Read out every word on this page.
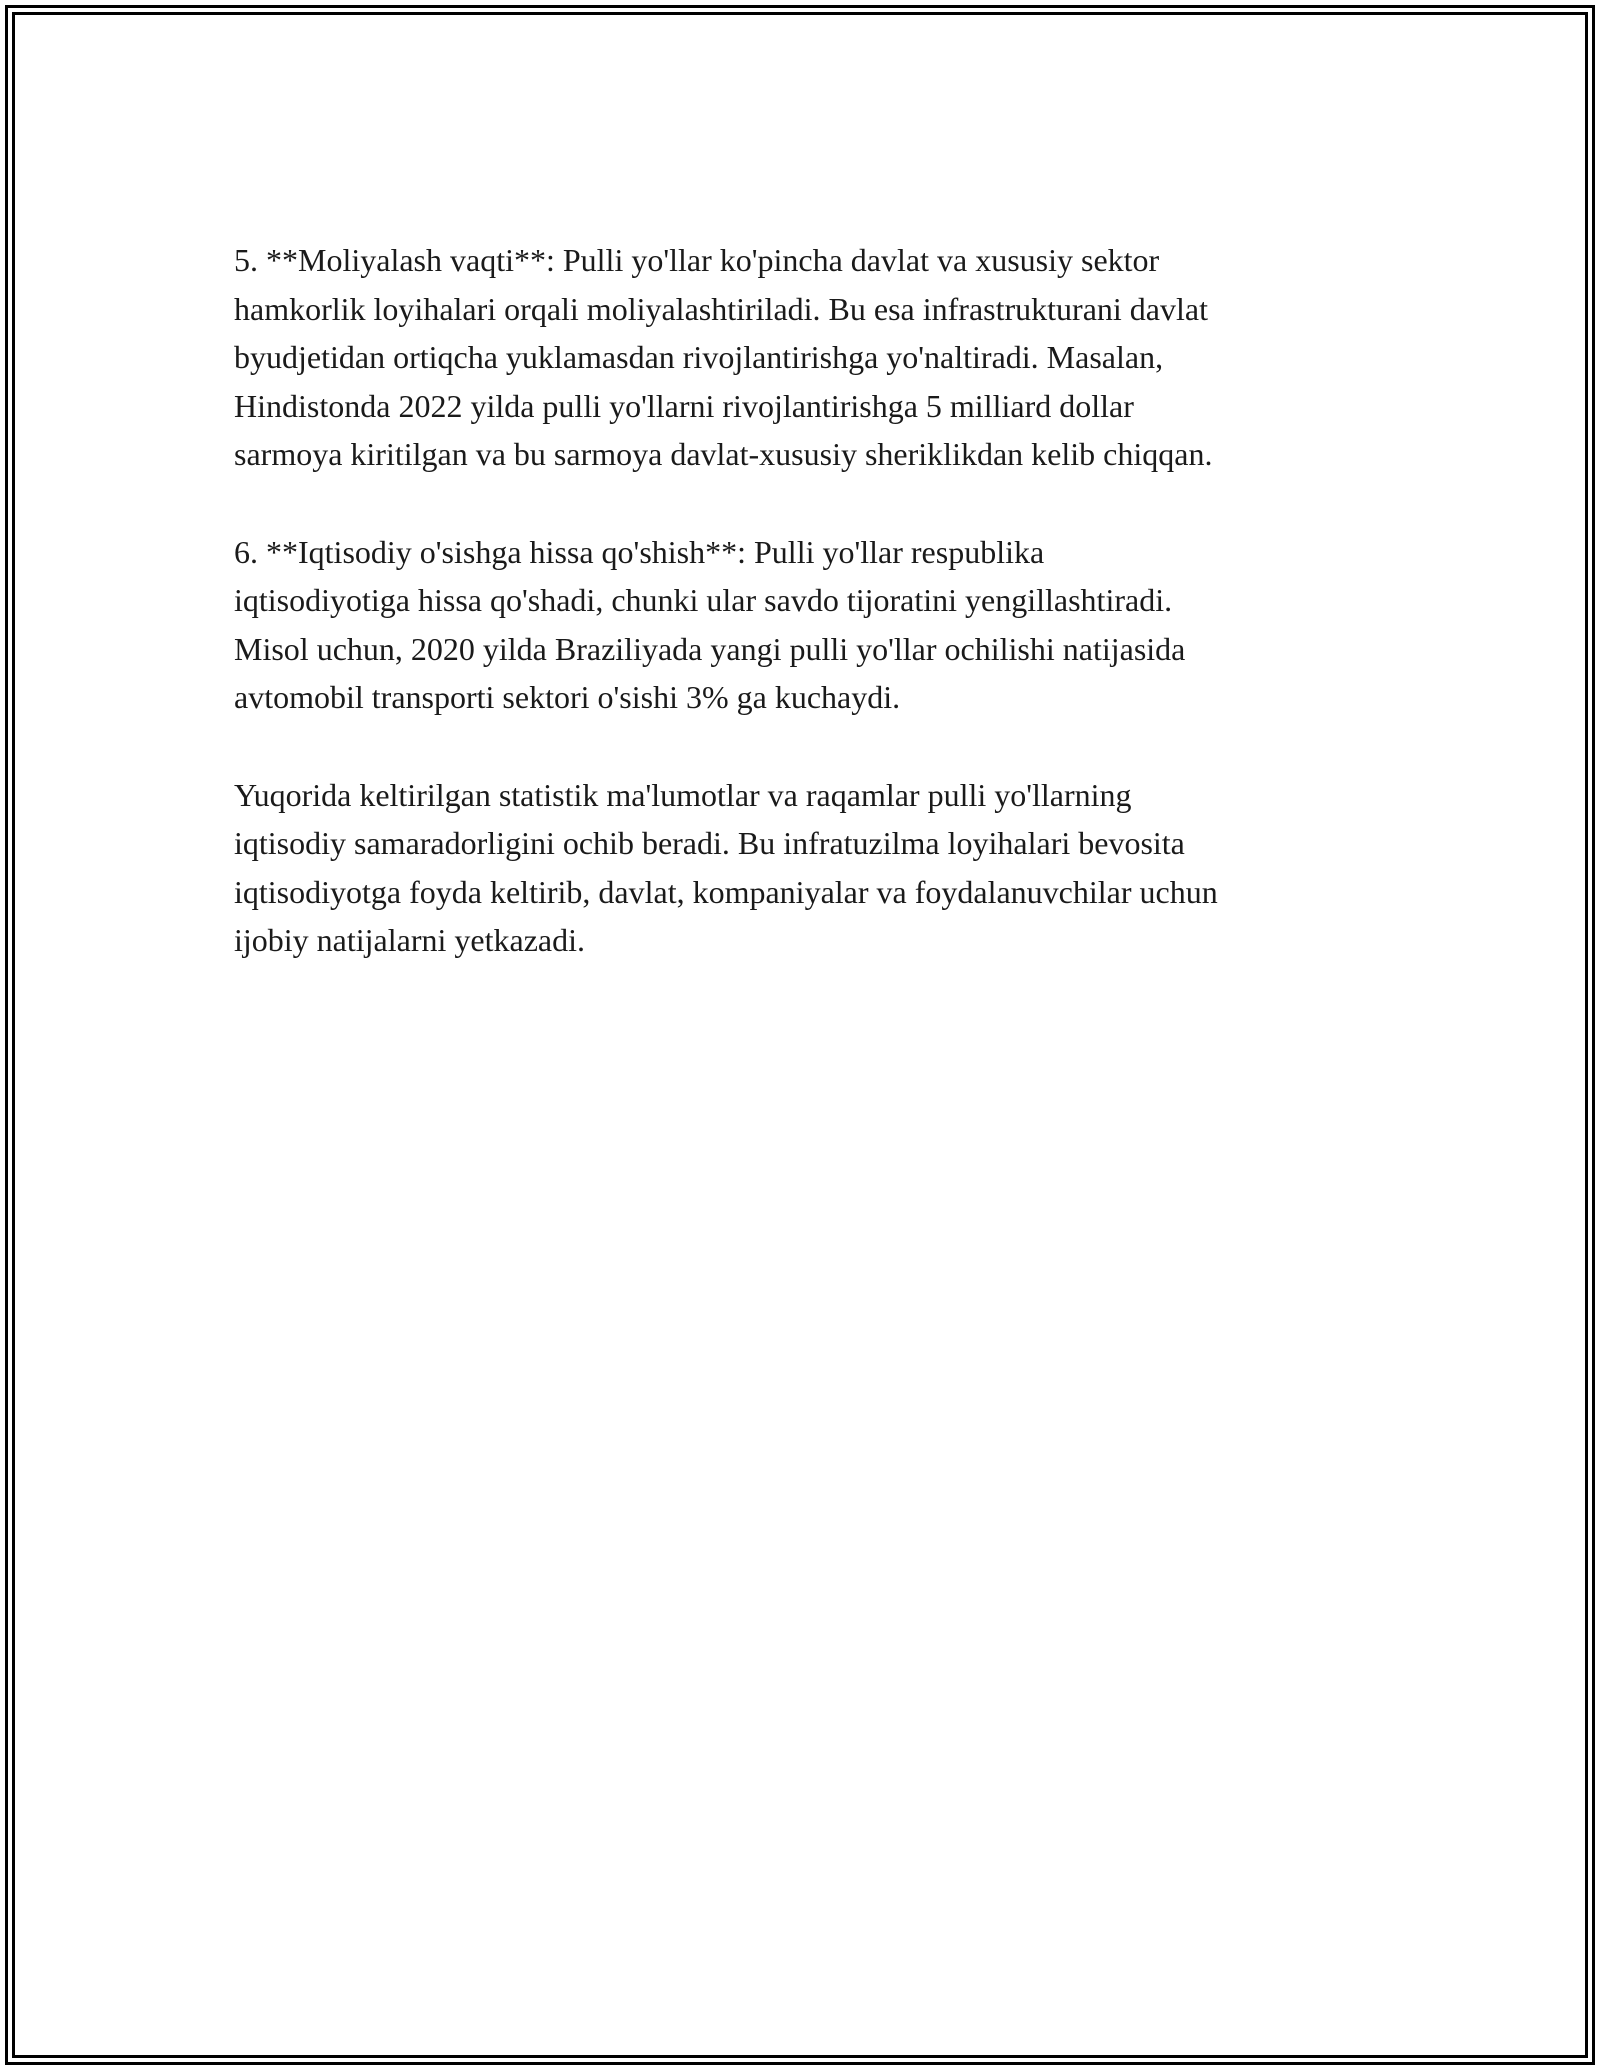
5. **Moliyalash vaqti**: Pulli yo'llar ko'pincha davlat va xususiy sektor
hamkorlik loyihalari orqali moliyalashtiriladi. Bu esa infrastrukturani davlat
byudjetidan ortiqcha yuklamasdan rivojlantirishga yo'naltiradi. Masalan,
Hindistonda 2022 yilda pulli yo'llarni rivojlantirishga 5 milliard dollar
sarmoya kiritilgan va bu sarmoya davlat-xususiy sheriklikdan kelib chiqqan.

6. **Iqtisodiy o'sishga hissa qo'shish**: Pulli yo'llar respublika
iqtisodiyotiga hissa qo'shadi, chunki ular savdo tijoratini yengillashtiradi.
Misol uchun, 2020 yilda Braziliyada yangi pulli yo'llar ochilishi natijasida
avtomobil transporti sektori o'sishi 3% ga kuchaydi.

Yuqorida keltirilgan statistik ma'lumotlar va raqamlar pulli yo'llarning
iqtisodiy samaradorligini ochib beradi. Bu infratuzilma loyihalari bevosita
iqtisodiyotga foyda keltirib, davlat, kompaniyalar va foydalanuvchilar uchun
ijobiy natijalarni yetkazadi.
